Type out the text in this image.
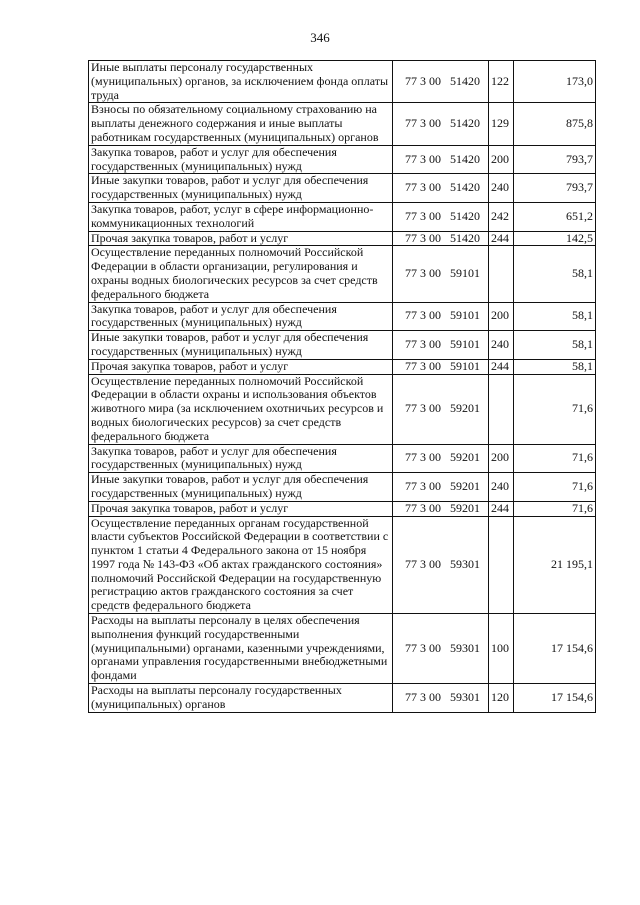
346
Иные выплаты персоналу государственных (муниципальных) органов, за исключением фонда оплаты труда	77 3 00 51420	122	173,0
Взносы по обязательному социальному страхованию на выплаты денежного содержания и иные выплаты работникам государственных (муниципальных) органов	77 3 00 51420	129	875,8
Закупка товаров, работ и услуг для обеспечения государственных (муниципальных) нужд	77 3 00 51420	200	793,7
Иные закупки товаров, работ и услуг для обеспечения государственных (муниципальных) нужд	77 3 00 51420	240	793,7
Закупка товаров, работ, услуг в сфере информационно-коммуникационных технологий	77 3 00 51420	242	651,2
Прочая закупка товаров, работ и услуг	77 3 00 51420	244	142,5
Осуществление переданных полномочий Российской Федерации в области организации, регулирования и охраны водных биологических ресурсов за счет средств федерального бюджета	77 3 00 59101		58,1
Закупка товаров, работ и услуг для обеспечения государственных (муниципальных) нужд	77 3 00 59101	200	58,1
Иные закупки товаров, работ и услуг для обеспечения государственных (муниципальных) нужд	77 3 00 59101	240	58,1
Прочая закупка товаров, работ и услуг	77 3 00 59101	244	58,1
Осуществление переданных полномочий Российской Федерации в области охраны и использования объектов животного мира (за исключением охотничьих ресурсов и водных биологических ресурсов) за счет средств федерального бюджета	77 3 00 59201		71,6
Закупка товаров, работ и услуг для обеспечения государственных (муниципальных) нужд	77 3 00 59201	200	71,6
Иные закупки товаров, работ и услуг для обеспечения государственных (муниципальных) нужд	77 3 00 59201	240	71,6
Прочая закупка товаров, работ и услуг	77 3 00 59201	244	71,6
Осуществление переданных органам государственной власти субъектов Российской Федерации в соответствии с пунктом 1 статьи 4 Федерального закона от 15 ноября 1997 года № 143-ФЗ «Об актах гражданского состояния» полномочий Российской Федерации на государственную регистрацию актов гражданского состояния за счет средств федерального бюджета	77 3 00 59301		21 195,1
Расходы на выплаты персоналу в целях обеспечения выполнения функций государственными (муниципальными) органами, казенными учреждениями, органами управления государственными внебюджетными фондами	77 3 00 59301	100	17 154,6
Расходы на выплаты персоналу государственных (муниципальных) органов	77 3 00 59301	120	17 154,6
